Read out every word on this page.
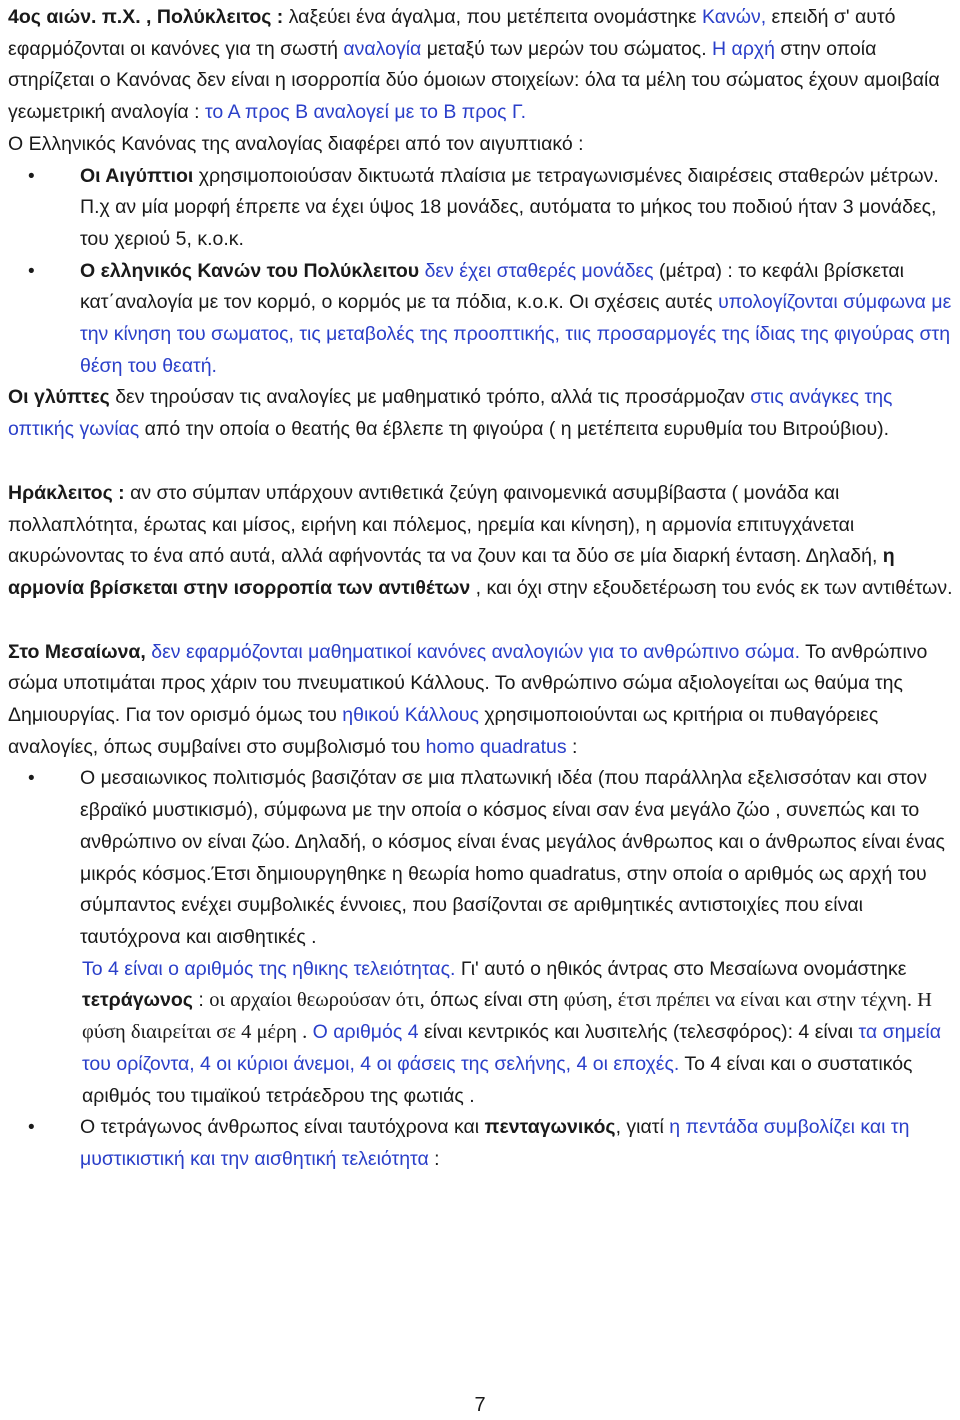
4ος αιών. π.Χ. , Πολύκλειτος : λαξεύει ένα άγαλμα, που μετέπειτα ονομάστηκε Κανών, επειδή σ' αυτό εφαρμόζονται οι κανόνες για τη σωστή αναλογία μεταξύ των μερών του σώματος. Η αρχή στην οποία στηρίζεται ο Κανόνας δεν είναι η ισορροπία δύο όμοιων στοιχείων: όλα τα μέλη του σώματος έχουν αμοιβαία γεωμετρική αναλογία : το Α προς Β αναλογεί με το Β προς Γ.

Ο Ελληνικός Κανόνας της αναλογίας διαφέρει από τον αιγυπτιακό :

• Οι Αιγύπτιοι χρησιμοποιούσαν δικτυωτά πλαίσια με τετραγωνισμένες διαιρέσεις σταθερών μέτρων. Π.χ αν μία μορφή έπρεπε να έχει ύψος 18 μονάδες, αυτόματα το μήκος του ποδιού ήταν 3 μονάδες, του χεριού 5, κ.ο.κ.
• Ο ελληνικός Κανών του Πολύκλειτου δεν έχει σταθερές μονάδες (μέτρα) : το κεφάλι βρίσκεται κατ΄αναλογία με τον κορμό, ο κορμός με τα πόδια, κ.ο.κ. Οι σχέσεις αυτές υπολογίζονται σύμφωνα με την κίνηση του σωματος, τις μεταβολές της προοπτικής, τιις προσαρμογές της ίδιας της φιγούρας στη θέση του θεατή.

Οι γλύπτες δεν τηρούσαν τις αναλογίες με μαθηματικό τρόπο, αλλά τις προσάρμοζαν στις ανάγκες της οπτικής γωνίας από την οποία ο θεατής θα έβλεπε τη φιγούρα ( η μετέπειτα ευρυθμία του Βιτρούβιου).

Ηράκλειτος : αν στο σύμπαν υπάρχουν αντιθετικά ζεύγη φαινομενικά ασυμβίβαστα ( μονάδα και πολλαπλότητα, έρωτας και μίσος, ειρήνη και πόλεμος, ηρεμία και κίνηση), η αρμονία επιτυγχάνεται ακυρώνοντας το ένα από αυτά, αλλά αφήνοντάς τα να ζουν και τα δύο σε μία διαρκή ένταση. Δηλαδή, η αρμονία βρίσκεται στην ισορροπία των αντιθέτων , και όχι στην εξουδετέρωση του ενός εκ των αντιθέτων.

Στο Μεσαίωνα, δεν εφαρμόζονται μαθηματικοί κανόνες αναλογιών για το ανθρώπινο σώμα. Το ανθρώπινο σώμα υποτιμάται προς χάριν του πνευματικού Κάλλους. Το ανθρώπινο σώμα αξιολογείται ως θαύμα της Δημιουργίας. Για τον ορισμό όμως του ηθικού Κάλλους χρησιμοποιούνται ως κριτήρια οι πυθαγόρειες αναλογίες, όπως συμβαίνει στο συμβολισμό του homo quadratus :

• Ο μεσαιωνικος πολιτισμός βασιζόταν σε μια πλατωνική ιδέα (που παράλληλα εξελισσόταν και στον εβραϊκό μυστικισμό), σύμφωνα με την οποία ο κόσμος είναι σαν ένα μεγάλο ζώο , συνεπώς και το ανθρώπινο ον είναι ζώο. Δηλαδή, ο κόσμος είναι ένας μεγάλος άνθρωπος και ο άνθρωπος είναι ένας μικρός κόσμος.Έτσι δημιουργηθηκε η θεωρία homo quadratus, στην οποία ο αριθμός ως αρχή του σύμπαντος ενέχει συμβολικές έννοιες, που βασίζονται σε αριθμητικές αντιστοιχίες που είναι ταυτόχρονα και αισθητικές .

Το 4 είναι ο αριθμός της ηθικης τελειότητας. Γι' αυτό ο ηθικός άντρας στο Μεσαίωνα ονομάστηκε τετράγωνος : οι αρχαίοι θεωρούσαν ότι, όπως είναι στη φύση, έτσι πρέπει να είναι και στην τέχνη. Η φύση διαιρείται σε 4 μέρη . Ο αριθμός 4 είναι κεντρικός και λυσιτελής (τελεσφόρος): 4 είναι τα σημεία του ορίζοντα, 4 οι κύριοι άνεμοι, 4 οι φάσεις της σελήνης, 4 οι εποχές. Το 4 είναι και ο συστατικός αριθμός του τιμαϊκού τετράεδρου της φωτιάς .

• Ο τετράγωνος άνθρωπος είναι ταυτόχρονα και πενταγωνικός, γιατί η πεντάδα συμβολίζει και τη μυστικιστική και την αισθητική τελειότητα :
7
